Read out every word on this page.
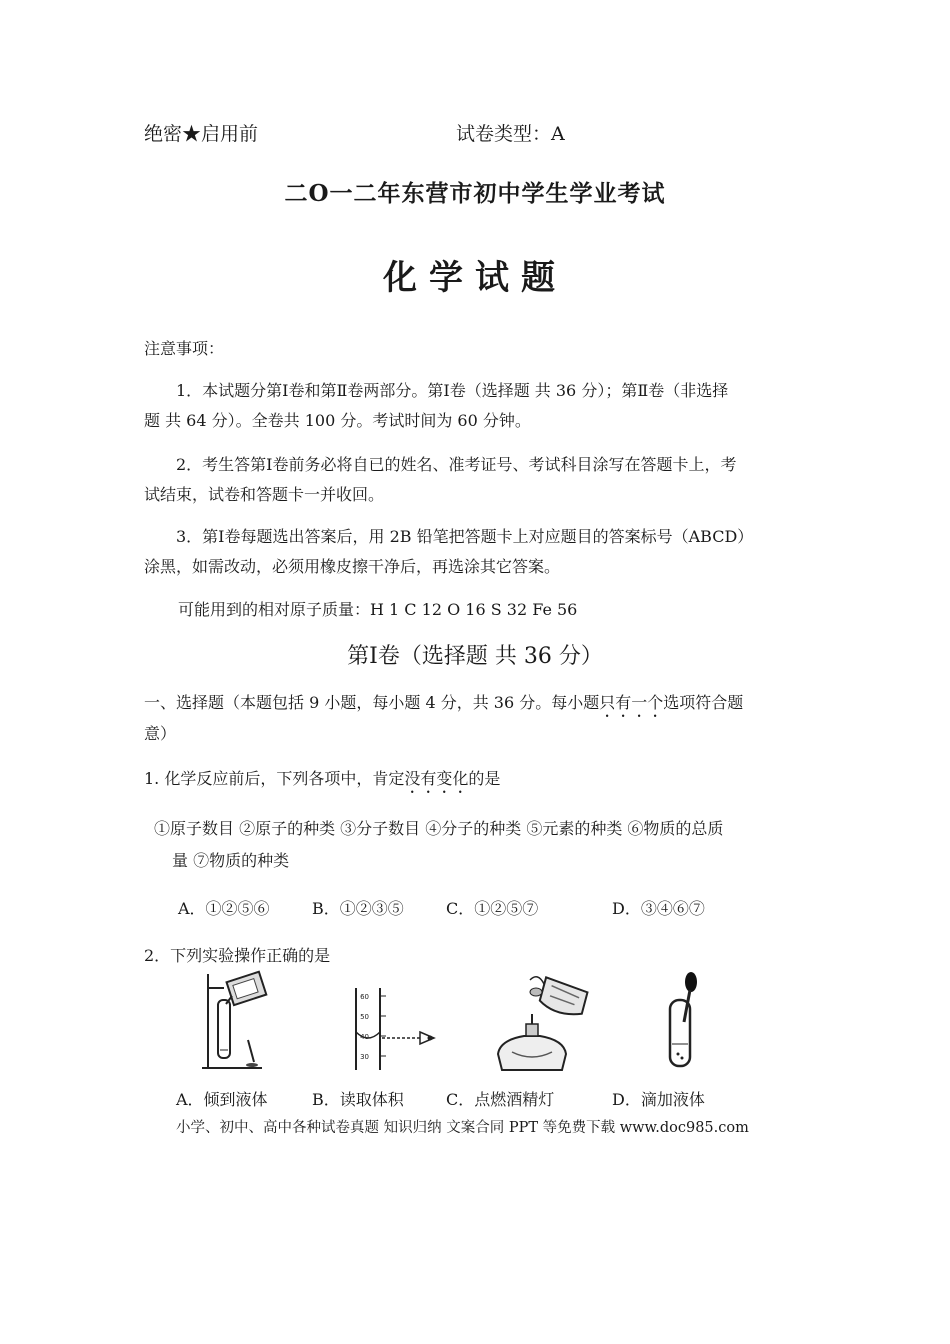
绝密★启用前	试卷类型：A
二O一二年东营市初中学生学业考试
化学试题
注意事项：
1．本试题分第Ⅰ卷和第Ⅱ卷两部分。第Ⅰ卷（选择题 共 36 分）；第Ⅱ卷（非选择
题 共 64 分）。全卷共 100 分。考试时间为 60 分钟。
2．考生答第Ⅰ卷前务必将自已的姓名、准考证号、考试科目涂写在答题卡上，考
试结束，试卷和答题卡一并收回。
3．第Ⅰ卷每题选出答案后，用 2B 铅笔把答题卡上对应题目的答案标号（ABCD）
涂黑，如需改动，必须用橡皮擦干净后，再选涂其它答案。
可能用到的相对原子质量：H 1 C 12 O 16 S 32 Fe 56
第Ⅰ卷（选择题 共 36 分）
一、选择题（本题包括 9 小题，每小题 4 分，共 36 分。每小题只有一个选项符合题
意）
1. 化学反应前后，下列各项中，肯定没有变化的是
①原子数目 ②原子的种类 ③分子数目 ④分子的种类 ⑤元素的种类 ⑥物质的总质
量 ⑦物质的种类
A．①②⑤⑥	B．①②③⑤	C．①②⑤⑦	D．③④⑥⑦
2．下列实验操作正确的是
60
50
40
30
A．倾到液体	B．读取体积	C．点燃酒精灯	D．滴加液体
小学、初中、高中各种试卷真题 知识归纳 文案合同 PPT 等免费下载 www.doc985.com
